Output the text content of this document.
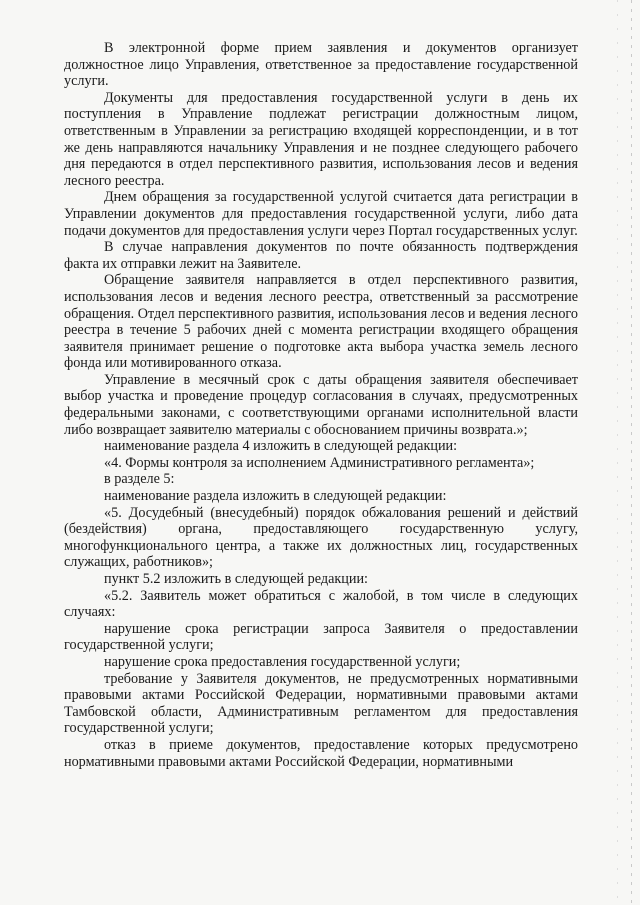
В электронной форме прием заявления и документов организует должностное лицо Управления, ответственное за предоставление государственной услуги.

Документы для предоставления государственной услуги в день их поступления в Управление подлежат регистрации должностным лицом, ответственным в Управлении за регистрацию входящей корреспонденции, и в тот же день направляются начальнику Управления и не позднее следующего рабочего дня передаются в отдел перспективного развития, использования лесов и ведения лесного реестра.

Днем обращения за государственной услугой считается дата регистрации в Управлении документов для предоставления государственной услуги, либо дата подачи документов для предоставления услуги через Портал государственных услуг.

В случае направления документов по почте обязанность подтверждения факта их отправки лежит на Заявителе.

Обращение заявителя направляется в отдел перспективного развития, использования лесов и ведения лесного реестра, ответственный за рассмотрение обращения. Отдел перспективного развития, использования лесов и ведения лесного реестра в течение 5 рабочих дней с момента регистрации входящего обращения заявителя принимает решение о подготовке акта выбора участка земель лесного фонда или мотивированного отказа.

Управление в месячный срок с даты обращения заявителя обеспечивает выбор участка и проведение процедур согласования в случаях, предусмотренных федеральными законами, с соответствующими органами исполнительной власти либо возвращает заявителю материалы с обоснованием причины возврата.»;

наименование раздела 4 изложить в следующей редакции:

«4. Формы контроля за исполнением Административного регламента»;

в разделе 5:

наименование раздела изложить в следующей редакции:

«5. Досудебный (внесудебный) порядок обжалования решений и действий (бездействия) органа, предоставляющего государственную услугу, многофункционального центра, а также их должностных лиц, государственных служащих, работников»;

пункт 5.2 изложить в следующей редакции:

«5.2. Заявитель может обратиться с жалобой, в том числе в следующих случаях:

нарушение срока регистрации запроса Заявителя о предоставлении государственной услуги;

нарушение срока предоставления государственной услуги;

требование у Заявителя документов, не предусмотренных нормативными правовыми актами Российской Федерации, нормативными правовыми актами Тамбовской области, Административным регламентом для предоставления государственной услуги;

отказ в приеме документов, предоставление которых предусмотрено нормативными правовыми актами Российской Федерации, нормативными
